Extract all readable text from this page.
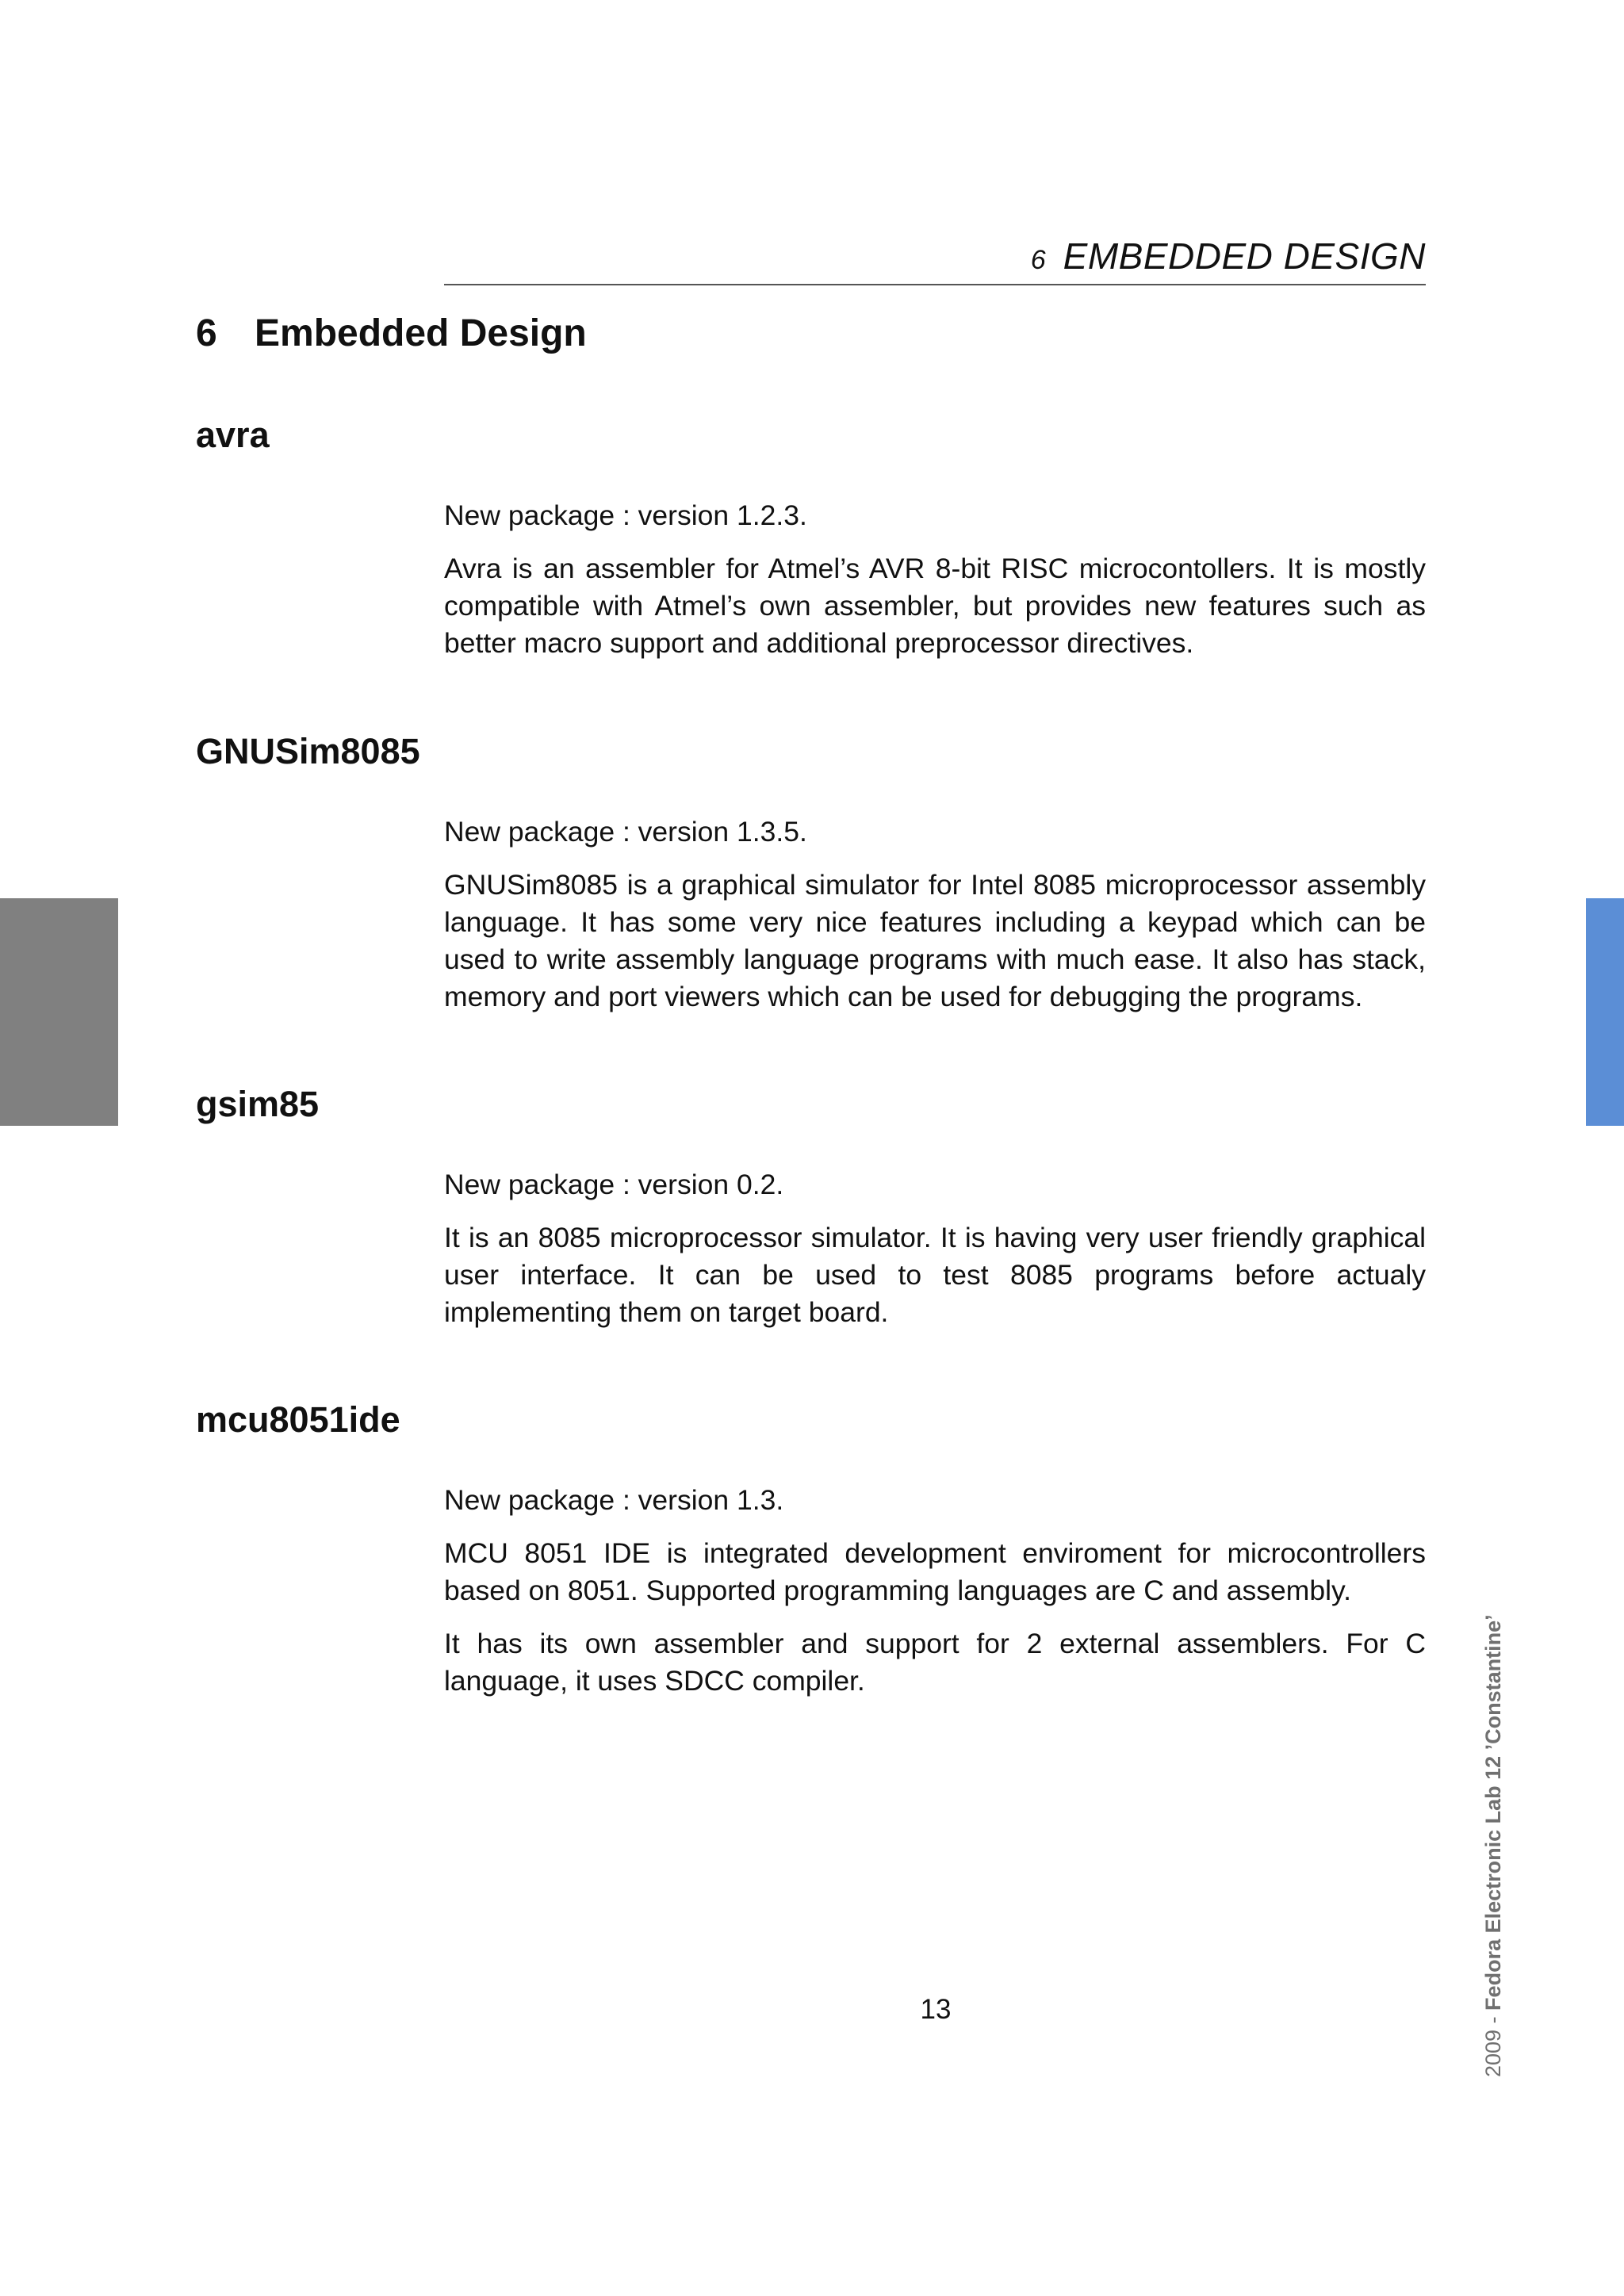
6 EMBEDDED DESIGN
6 Embedded Design
avra

New package : version 1.2.3.

Avra is an assembler for Atmel’s AVR 8-bit RISC microcontollers. It is mostly compatible with Atmel’s own assembler, but provides new features such as better macro support and additional preprocessor directives.

GNUSim8085

New package : version 1.3.5.

GNUSim8085 is a graphical simulator for Intel 8085 microprocessor assembly language. It has some very nice features including a keypad which can be used to write assembly language programs with much ease. It also has stack, memory and port viewers which can be used for debugging the programs.

gsim85

New package : version 0.2.

It is an 8085 microprocessor simulator. It is having very user friendly graphical user interface. It can be used to test 8085 programs before actualy implementing them on target board.

mcu8051ide

New package : version 1.3.

MCU 8051 IDE is integrated development enviroment for microcontrollers based on 8051. Supported programming languages are C and assembly.

It has its own assembler and support for 2 external assemblers. For C language, it uses SDCC compiler.

13
2009 - Fedora Electronic Lab 12 ’Constantine’
